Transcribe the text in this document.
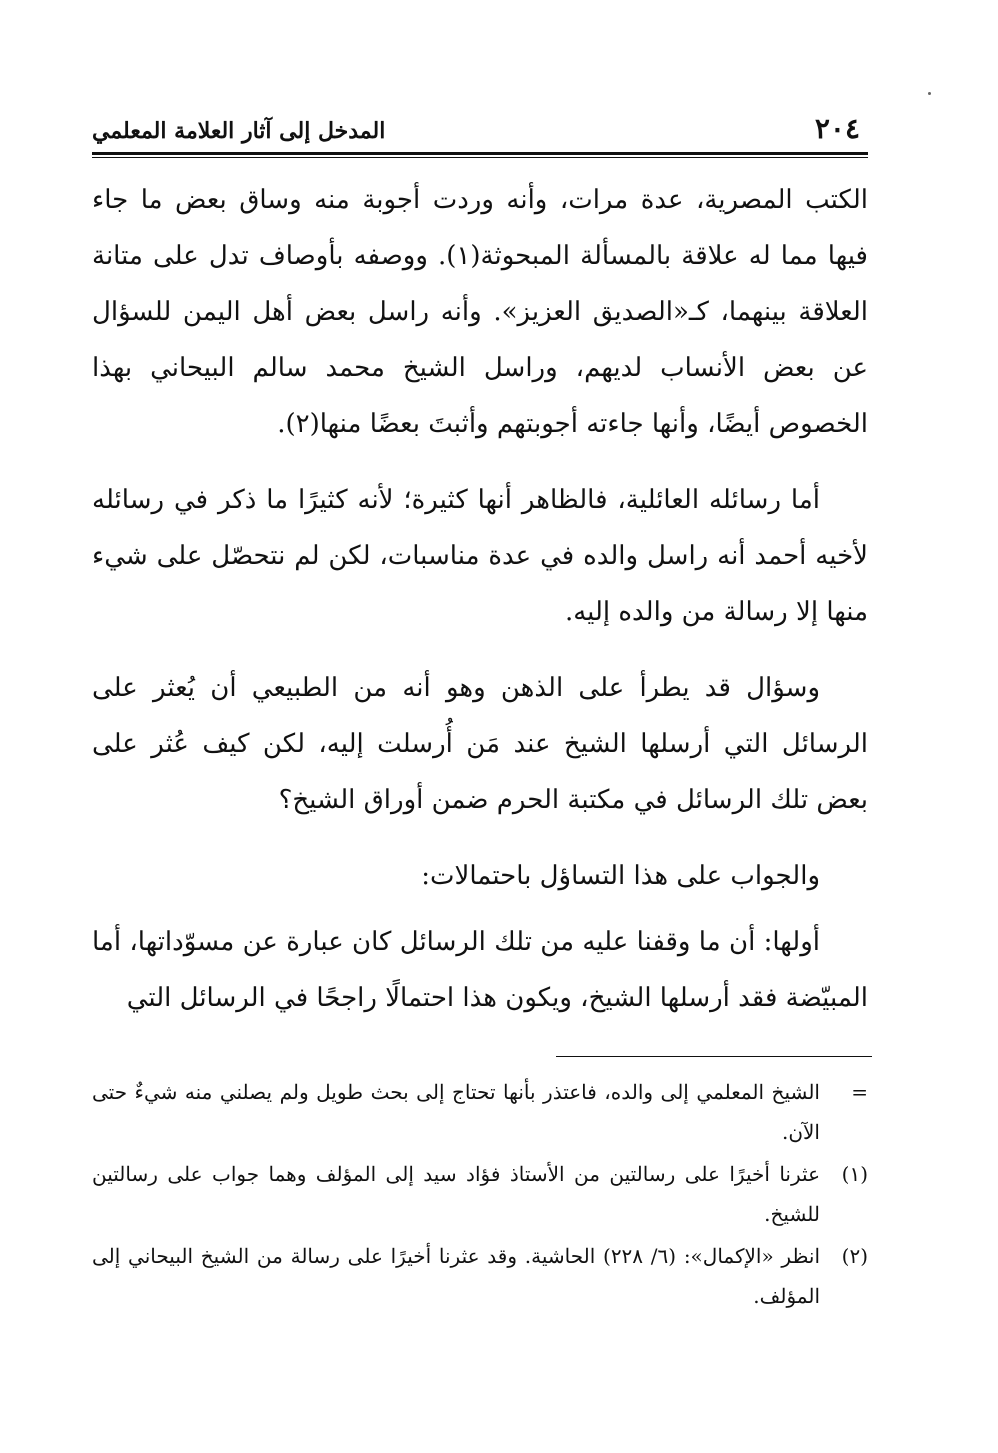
٢٠٤
المدخل إلى آثار العلامة المعلمي

الكتب المصرية، عدة مرات، وأنه وردت أجوبة منه وساق بعض ما جاء فيها مما له علاقة بالمسألة المبحوثة(١). ووصفه بأوصاف تدل على متانة العلاقة بينهما، كـ«الصديق العزيز». وأنه راسل بعض أهل اليمن للسؤال عن بعض الأنساب لديهم، وراسل الشيخ محمد سالم البيحاني بهذا الخصوص أيضًا، وأنها جاءته أجوبتهم وأثبتَ بعضًا منها(٢).

أما رسائله العائلية، فالظاهر أنها كثيرة؛ لأنه كثيرًا ما ذكر في رسائله لأخيه أحمد أنه راسل والده في عدة مناسبات، لكن لم نتحصّل على شيء منها إلا رسالة من والده إليه.

وسؤال قد يطرأ على الذهن وهو أنه من الطبيعي أن يُعثر على الرسائل التي أرسلها الشيخ عند مَن أُرسلت إليه، لكن كيف عُثر على بعض تلك الرسائل في مكتبة الحرم ضمن أوراق الشيخ؟

والجواب على هذا التساؤل باحتمالات:

أولها: أن ما وقفنا عليه من تلك الرسائل كان عبارة عن مسوّداتها، أما المبيّضة فقد أرسلها الشيخ، ويكون هذا احتمالًا راجحًا في الرسائل التي

=
الشيخ المعلمي إلى والده، فاعتذر بأنها تحتاج إلى بحث طويل ولم يصلني منه شيءٌ حتى الآن.
(١)
عثرنا أخيرًا على رسالتين من الأستاذ فؤاد سيد إلى المؤلف وهما جواب على رسالتين للشيخ.
(٢)
انظر «الإكمال»: (٦/ ٢٢٨) الحاشية. وقد عثرنا أخيرًا على رسالة من الشيخ البيحاني إلى المؤلف.
